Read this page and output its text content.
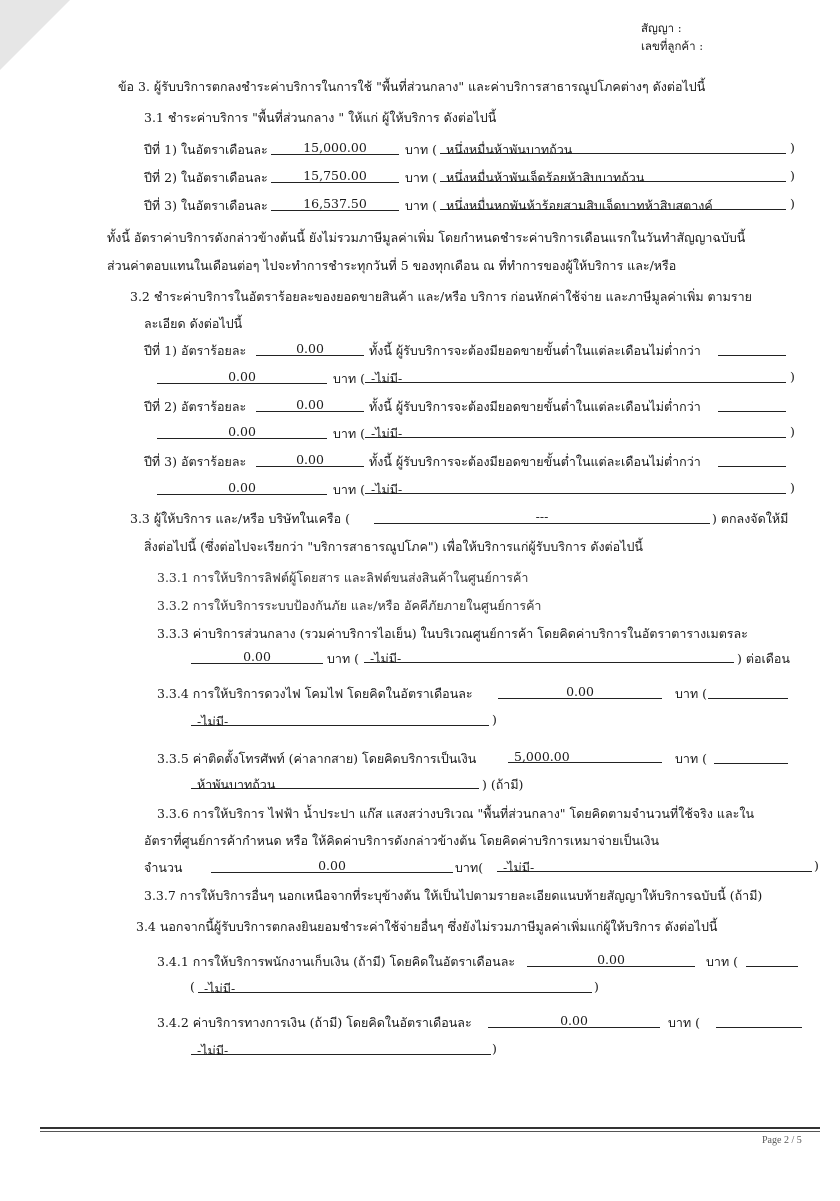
สัญญา :
เลขที่ลูกค้า :
ข้อ 3. ผู้รับบริการตกลงชำระค่าบริการในการใช้ "พื้นที่ส่วนกลาง" และค่าบริการสาธารณูปโภคต่างๆ ดังต่อไปนี้
3.1 ชำระค่าบริการ "พื้นที่ส่วนกลาง " ให้แก่ ผู้ให้บริการ ดังต่อไปนี้
ปีที่ 1) ในอัตราเดือนละ	15,000.00	บาท ( หนึ่งหมื่นห้าพันบาทถ้วน	)
ปีที่ 2) ในอัตราเดือนละ	15,750.00	บาท ( หนึ่งหมื่นห้าพันเจ็ดร้อยห้าสิบบาทถ้วน	)
ปีที่ 3) ในอัตราเดือนละ	16,537.50	บาท ( หนึ่งหมื่นหกพันห้าร้อยสามสิบเจ็ดบาทห้าสิบสตางค์	)
ทั้งนี้ อัตราค่าบริการดังกล่าวข้างต้นนี้ ยังไม่รวมภาษีมูลค่าเพิ่ม โดยกำหนดชำระค่าบริการเดือนแรกในวันทำสัญญาฉบับนี้
ส่วนค่าตอบแทนในเดือนต่อๆ ไปจะทำการชำระทุกวันที่ 5 ของทุกเดือน ณ ที่ทำการของผู้ให้บริการ และ/หรือ
3.2 ชำระค่าบริการในอัตราร้อยละของยอดขายสินค้า และ/หรือ บริการ ก่อนหักค่าใช้จ่าย และภาษีมูลค่าเพิ่ม ตามราย
ละเอียด ดังต่อไปนี้
ปีที่ 1) อัตราร้อยละ	0.00	ทั้งนี้ ผู้รับบริการจะต้องมียอดขายขั้นต่ำในแต่ละเดือนไม่ต่ำกว่า
0.00	บาท ( -ไม่มี-	)
ปีที่ 2) อัตราร้อยละ	0.00	ทั้งนี้ ผู้รับบริการจะต้องมียอดขายขั้นต่ำในแต่ละเดือนไม่ต่ำกว่า
0.00	บาท ( -ไม่มี-	)
ปีที่ 3) อัตราร้อยละ	0.00	ทั้งนี้ ผู้รับบริการจะต้องมียอดขายขั้นต่ำในแต่ละเดือนไม่ต่ำกว่า
0.00	บาท ( -ไม่มี-	)
3.3 ผู้ให้บริการ และ/หรือ บริษัทในเครือ (	---	) ตกลงจัดให้มี
สิ่งต่อไปนี้ (ซึ่งต่อไปจะเรียกว่า "บริการสาธารณูปโภค") เพื่อให้บริการแก่ผู้รับบริการ ดังต่อไปนี้
3.3.1 การให้บริการลิฟต์ผู้โดยสาร และลิฟต์ขนส่งสินค้าในศูนย์การค้า
3.3.2 การให้บริการระบบป้องกันภัย และ/หรือ อัคคีภัยภายในศูนย์การค้า
3.3.3 ค่าบริการส่วนกลาง (รวมค่าบริการไอเย็น) ในบริเวณศูนย์การค้า โดยคิดค่าบริการในอัตราตารางเมตรละ
0.00	บาท ( -ไม่มี-	) ต่อเดือน
3.3.4 การให้บริการดวงไฟ โคมไฟ โดยคิดในอัตราเดือนละ	0.00	บาท (
-ไม่มี-	)
3.3.5 ค่าติดตั้งโทรศัพท์ (ค่าลากสาย) โดยคิดบริการเป็นเงิน	5,000.00	บาท (
ห้าพันบาทถ้วน	) (ถ้ามี)
3.3.6 การให้บริการ ไฟฟ้า น้ำประปา แก๊ส แสงสว่างบริเวณ "พื้นที่ส่วนกลาง" โดยคิดตามจำนวนที่ใช้จริง และใน
อัตราที่ศูนย์การค้ากำหนด หรือ ให้คิดค่าบริการดังกล่าวข้างต้น โดยคิดค่าบริการเหมาจ่ายเป็นเงิน
จำนวน	0.00	บาท(	-ไม่มี-	)
3.3.7 การให้บริการอื่นๆ นอกเหนือจากที่ระบุข้างต้น ให้เป็นไปตามรายละเอียดแนบท้ายสัญญาให้บริการฉบับนี้ (ถ้ามี)
3.4 นอกจากนี้ผู้รับบริการตกลงยินยอมชำระค่าใช้จ่ายอื่นๆ ซึ่งยังไม่รวมภาษีมูลค่าเพิ่มแก่ผู้ให้บริการ ดังต่อไปนี้
3.4.1 การให้บริการพนักงานเก็บเงิน (ถ้ามี) โดยคิดในอัตราเดือนละ	0.00	บาท (
( -ไม่มี-	)
3.4.2 ค่าบริการทางการเงิน (ถ้ามี) โดยคิดในอัตราเดือนละ	0.00	บาท (
-ไม่มี-	)
Page 2 / 5
